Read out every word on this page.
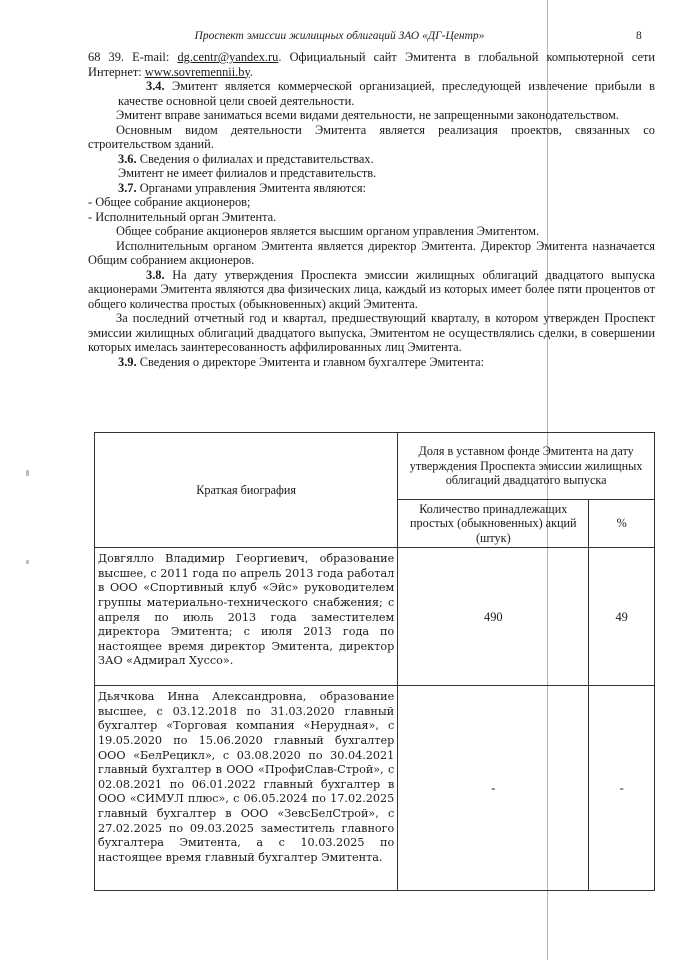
Проспект эмиссии жилищных облигаций ЗАО «ДГ-Центр»	8

68 39. E-mail: dg.centr@yandex.ru. Официальный сайт Эмитента в глобальной компьютерной сети Интернет: www.sovremennii.by.

3.4. Эмитент является коммерческой организацией, преследующей извлечение прибыли в качестве основной цели своей деятельности.

Эмитент вправе заниматься всеми видами деятельности, не запрещенными законодательством.

Основным видом деятельности Эмитента является реализация проектов, связанных со строительством зданий.

3.6. Сведения о филиалах и представительствах.

Эмитент не имеет филиалов и представительств.

3.7. Органами управления Эмитента являются:

- Общее собрание акционеров;

- Исполнительный орган Эмитента.

Общее собрание акционеров является высшим органом управления Эмитентом.

Исполнительным органом Эмитента является директор Эмитента. Директор Эмитента назначается Общим собранием акционеров.

3.8. На дату утверждения Проспекта эмиссии жилищных облигаций двадцатого выпуска акционерами Эмитента являются два физических лица, каждый из которых имеет более пяти процентов от общего количества простых (обыкновенных) акций Эмитента.

За последний отчетный год и квартал, предшествующий кварталу, в котором утвержден Проспект эмиссии жилищных облигаций двадцатого выпуска, Эмитентом не осуществлялись сделки, в совершении которых имелась заинтересованность аффилированных лиц Эмитента.

3.9. Сведения о директоре Эмитента и главном бухгалтере Эмитента:

Краткая биография	Доля в уставном фонде Эмитента на дату утверждения Проспекта эмиссии жилищных облигаций двадцатого выпуска	
	Количество принадлежащих простых (обыкновенных) акций (штук)	%
Довгялло Владимир Георгиевич, образование высшее, с 2011 года по апрель 2013 года работал в ООО «Спортивный клуб «Эйс» руководителем группы материально-технического снабжения; с апреля по июль 2013 года заместителем директора Эмитента; с июля 2013 года по настоящее время директор Эмитента, директор ЗАО «Адмирал Хуссо».	490	49
Дьячкова Инна Александровна, образование высшее, с 03.12.2018 по 31.03.2020 главный бухгалтер «Торговая компания «Нерудная», с 19.05.2020 по 15.06.2020 главный бухгалтер ООО «БелРецикл», с 03.08.2020 по 30.04.2021 главный бухгалтер в ООО «ПрофиСлав-Строй», с 02.08.2021 по 06.01.2022 главный бухгалтер в ООО «СИМУЛ плюс», с 06.05.2024 по 17.02.2025 главный бухгалтер в ООО «ЗевсБелСтрой», с 27.02.2025 по 09.03.2025 заместитель главного бухгалтера Эмитента, а с 10.03.2025 по настоящее время главный бухгалтер Эмитента.	-	-
